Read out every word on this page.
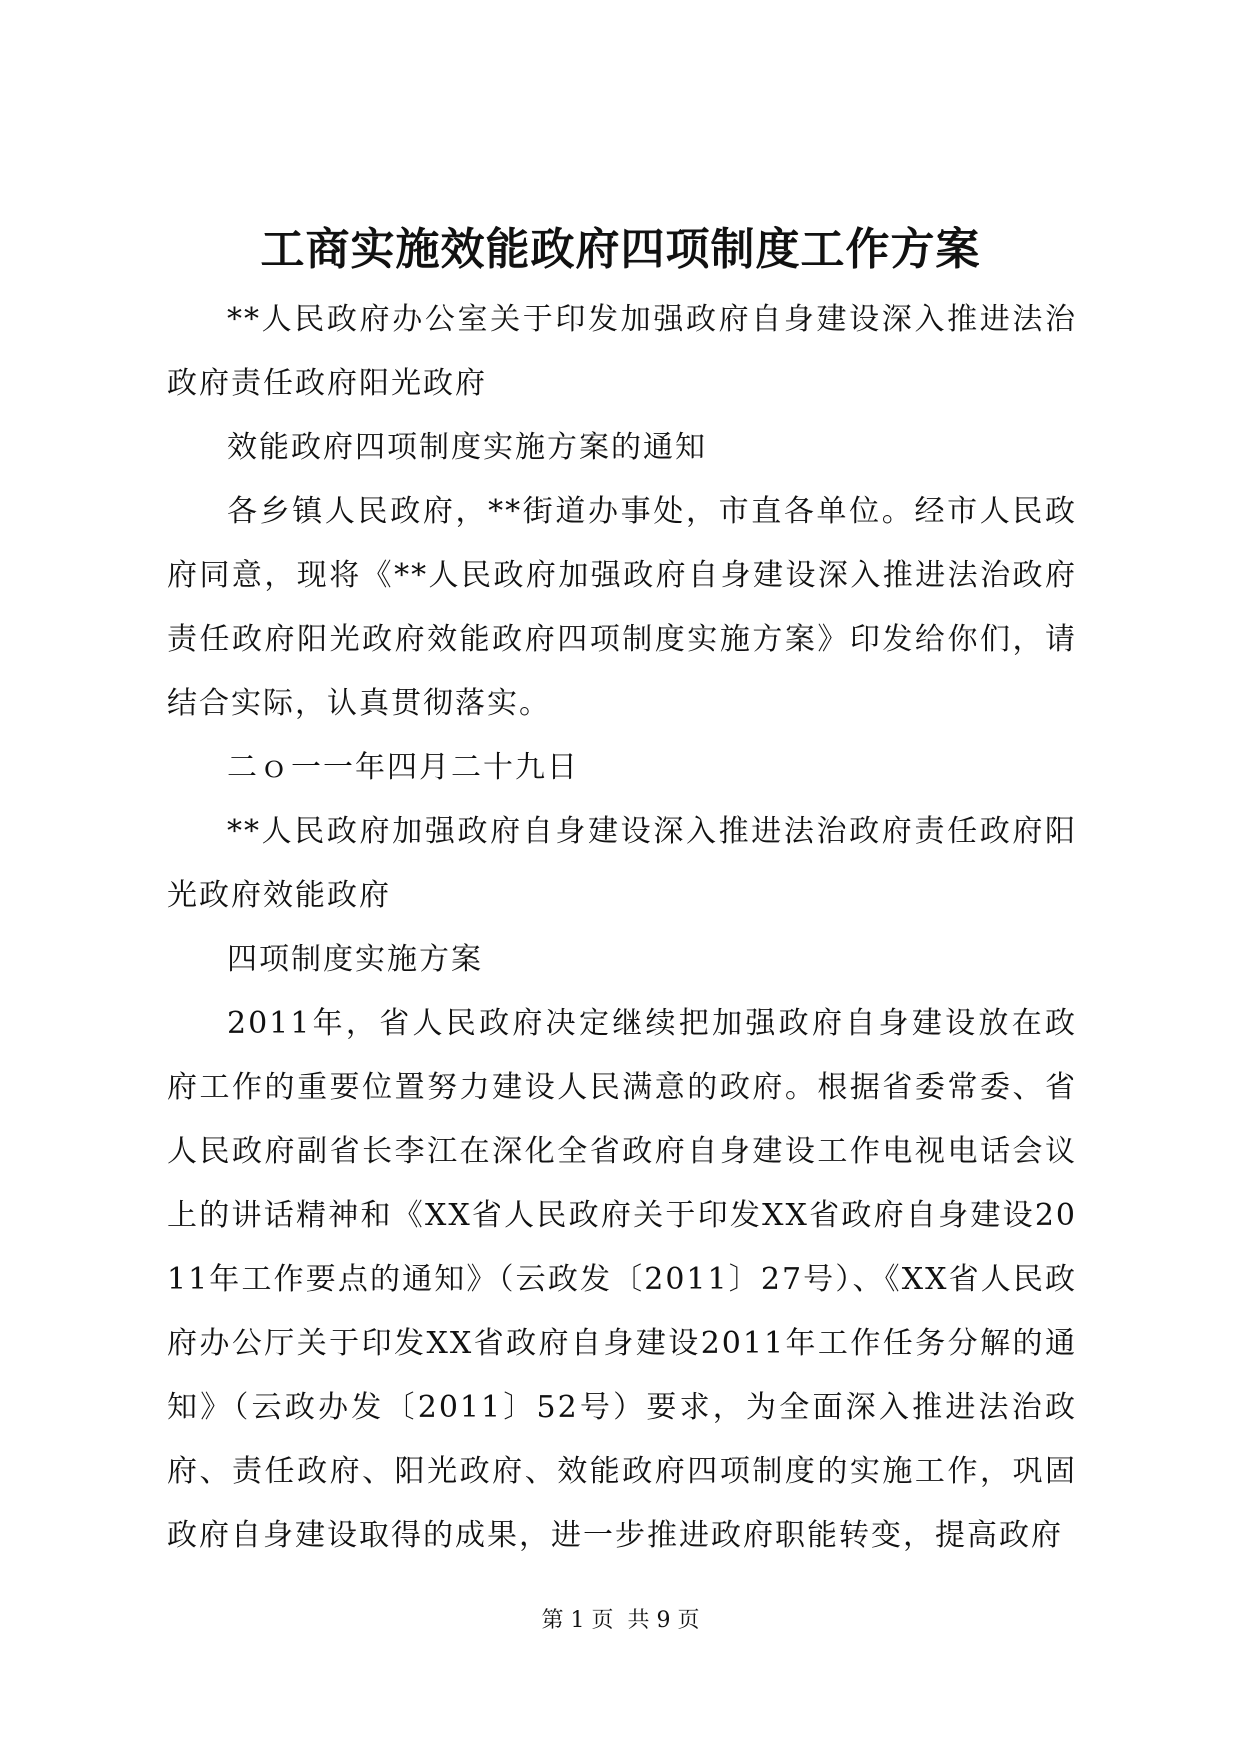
工商实施效能政府四项制度工作方案

**人民政府办公室关于印发加强政府自身建设深入推进法治政府责任政府阳光政府

效能政府四项制度实施方案的通知

各乡镇人民政府，**街道办事处，市直各单位。经市人民政府同意，现将《**人民政府加强政府自身建设深入推进法治政府责任政府阳光政府效能政府四项制度实施方案》印发给你们，请结合实际，认真贯彻落实。

二ｏ一一年四月二十九日

**人民政府加强政府自身建设深入推进法治政府责任政府阳光政府效能政府

四项制度实施方案

2011年，省人民政府决定继续把加强政府自身建设放在政府工作的重要位置努力建设人民满意的政府。根据省委常委、省人民政府副省长李江在深化全省政府自身建设工作电视电话会议上的讲话精神和《XX省人民政府关于印发XX省政府自身建设2011年工作要点的通知》（云政发〔2011〕27号）、《XX省人民政府办公厅关于印发XX省政府自身建设2011年工作任务分解的通知》（云政办发〔2011〕52号）要求，为全面深入推进法治政府、责任政府、阳光政府、效能政府四项制度的实施工作，巩固政府自身建设取得的成果，进一步推进政府职能转变，提高政府

第 1 页  共 9 页
